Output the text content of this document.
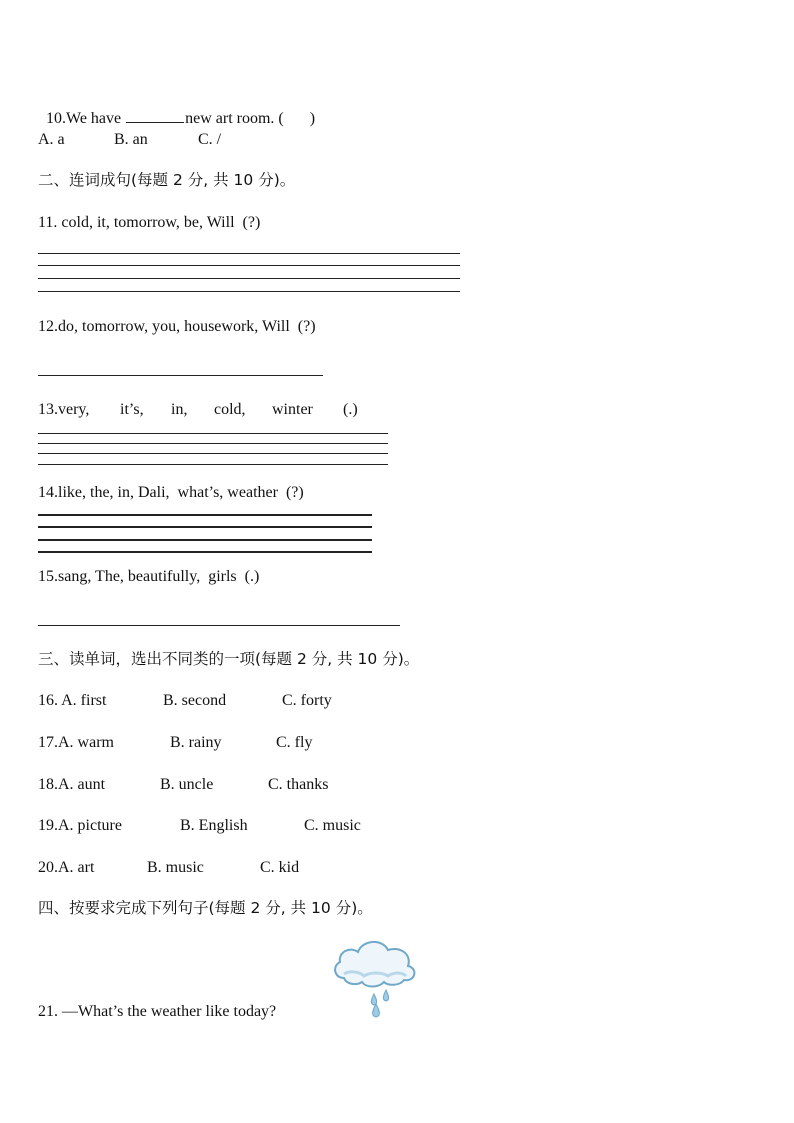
10.We have	new art room. ( )

A. a	B. an	C. /
二、连词成句(每题 2 分, 共 10 分)。
11. cold, it, tomorrow, be, Will  (?)
12.do, tomorrow, you, housework, Will  (?)
13.very, it’s, in, cold, winter (.)
14.like, the, in, Dali,  what’s, weather  (?)
15.sang, The, beautifully,  girls  (.)
三、读单词，选出不同类的一项(每题 2 分, 共 10 分)。
16. A. first	B. second	C. forty
17.A. warm	B. rainy	C. fly
18.A. aunt	B. uncle	C. thanks
19.A. picture	B. English	C. music
20.A. art	B. music	C. kid
四、按要求完成下列句子(每题 2 分, 共 10 分)。
21. —What’s the weather like today?
